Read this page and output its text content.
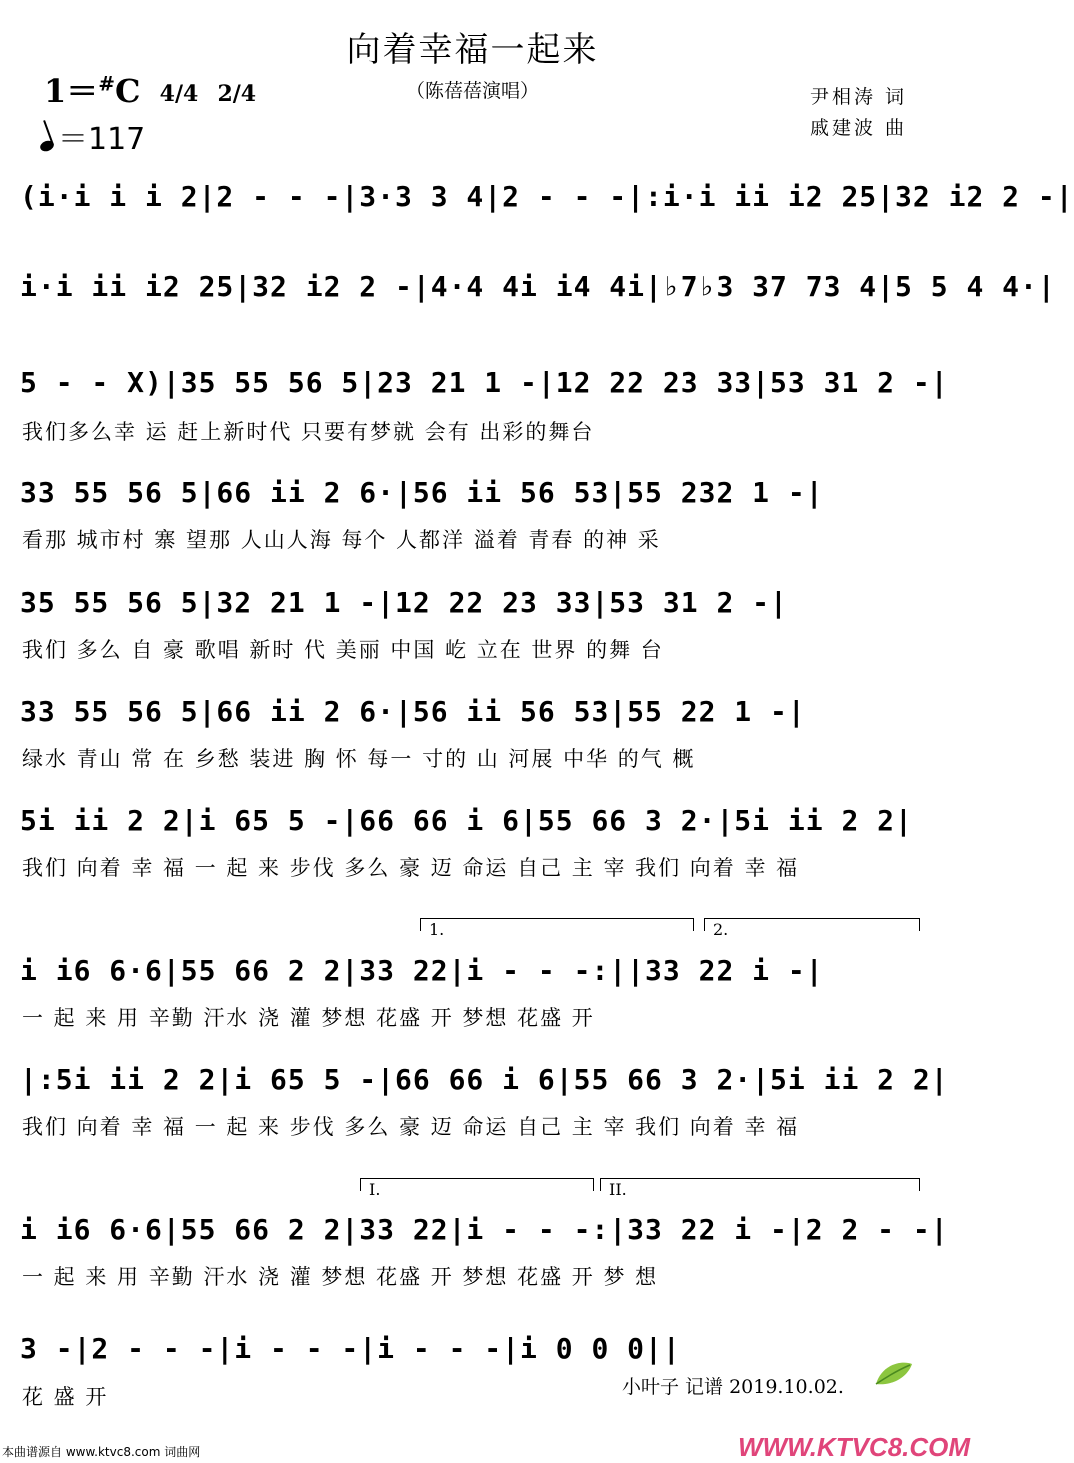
向着幸福一起来
（陈蓓蓓演唱）
1＝#C 4/4 2/4
＝117
尹相涛 词
戚建波 曲
(i·i i i 2|2 - - -|3·3 3 4|2 - - -|:i·i ii i2 25|32 i2 2 -|
i·i ii i2 25|32 i2 2 -|4·4 4i i4 4i|♭7♭3 37 73 4|5 5 4 4·|
5 - - X)|35 55 56 5|23 21 1 -|12 22 23 33|53 31 2 -|
我们多么幸 运 赶上新时代 只要有梦就 会有 出彩的舞台
33 55 56 5|66 ii 2 6·|56 ii 56 53|55 232 1 -|
看那 城市村 寨 望那 人山人海 每个 人都洋 溢着 青春 的神 采
35 55 56 5|32 21 1 -|12 22 23 33|53 31 2 -|
我们 多么 自 豪 歌唱 新时 代 美丽 中国 屹 立在 世界 的舞 台
33 55 56 5|66 ii 2 6·|56 ii 56 53|55 22 1 -|
绿水 青山 常 在 乡愁 装进 胸 怀 每一 寸的 山 河展 中华 的气 概
5i ii 2 2|i 65 5 -|66 66 i 6|55 66 3 2·|5i ii 2 2|
我们 向着 幸 福 一 起 来 步伐 多么 豪 迈 命运 自己 主 宰 我们 向着 幸 福
1.	2.
i i6 6·6|55 66 2 2|33 22|i - - -:||33 22 i -|
一 起 来 用 辛勤 汗水 浇 灌 梦想 花盛 开 梦想 花盛 开
|:5i ii 2 2|i 65 5 -|66 66 i 6|55 66 3 2·|5i ii 2 2|
我们 向着 幸 福 一 起 来 步伐 多么 豪 迈 命运 自己 主 宰 我们 向着 幸 福
I.	II.
i i6 6·6|55 66 2 2|33 22|i - - -:|33 22 i -|2 2 - -|
一 起 来 用 辛勤 汗水 浇 灌 梦想 花盛 开 梦想 花盛 开 梦 想
3 -|2 - - -|i - - -|i - - -|i 0 0 0||
花 盛 开	小叶子 记谱 2019.10.02.
本曲谱源自 www.ktvc8.com 词曲网	WWW.KTVC8.COM
